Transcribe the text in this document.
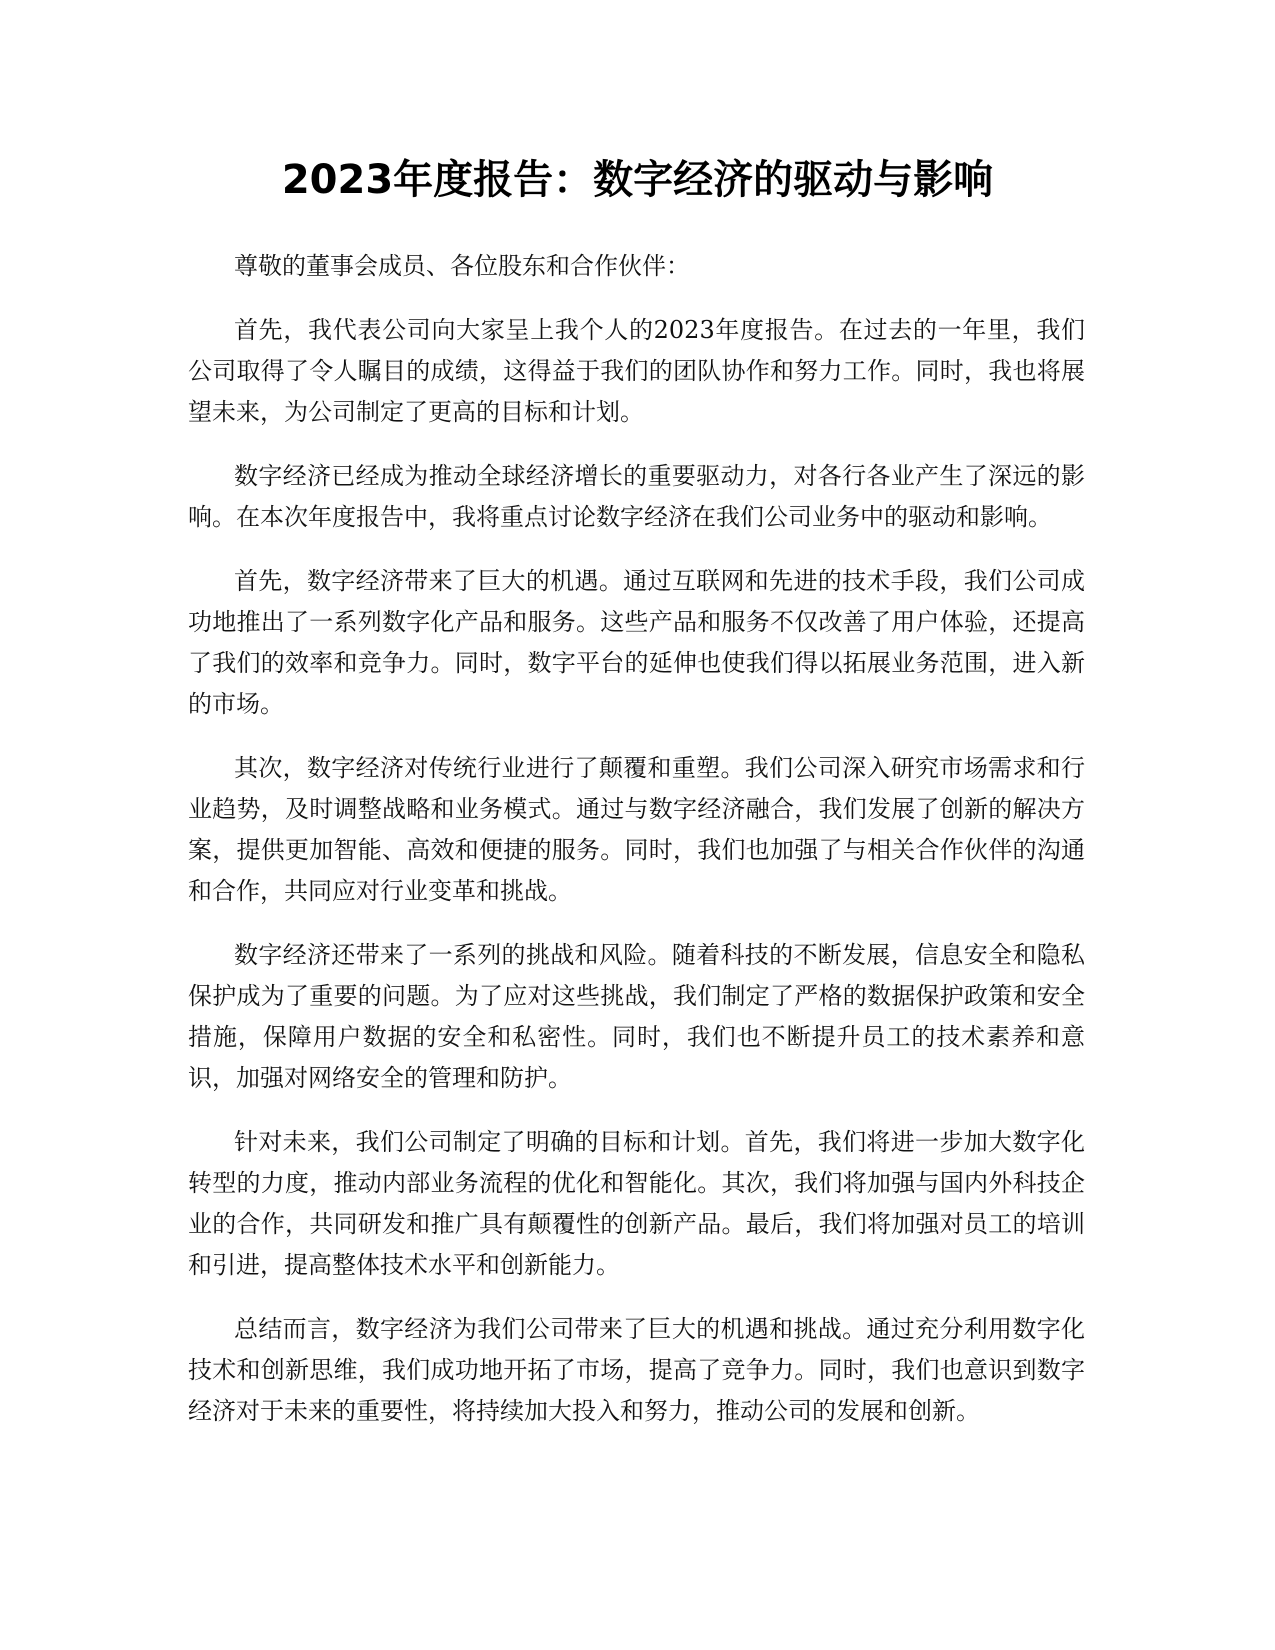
2023年度报告：数字经济的驱动与影响

尊敬的董事会成员、各位股东和合作伙伴：

首先，我代表公司向大家呈上我个人的2023年度报告。在过去的一年里，我们公司取得了令人瞩目的成绩，这得益于我们的团队协作和努力工作。同时，我也将展望未来，为公司制定了更高的目标和计划。

数字经济已经成为推动全球经济增长的重要驱动力，对各行各业产生了深远的影响。在本次年度报告中，我将重点讨论数字经济在我们公司业务中的驱动和影响。

首先，数字经济带来了巨大的机遇。通过互联网和先进的技术手段，我们公司成功地推出了一系列数字化产品和服务。这些产品和服务不仅改善了用户体验，还提高了我们的效率和竞争力。同时，数字平台的延伸也使我们得以拓展业务范围，进入新的市场。

其次，数字经济对传统行业进行了颠覆和重塑。我们公司深入研究市场需求和行业趋势，及时调整战略和业务模式。通过与数字经济融合，我们发展了创新的解决方案，提供更加智能、高效和便捷的服务。同时，我们也加强了与相关合作伙伴的沟通和合作，共同应对行业变革和挑战。

数字经济还带来了一系列的挑战和风险。随着科技的不断发展，信息安全和隐私保护成为了重要的问题。为了应对这些挑战，我们制定了严格的数据保护政策和安全措施，保障用户数据的安全和私密性。同时，我们也不断提升员工的技术素养和意识，加强对网络安全的管理和防护。

针对未来，我们公司制定了明确的目标和计划。首先，我们将进一步加大数字化转型的力度，推动内部业务流程的优化和智能化。其次，我们将加强与国内外科技企业的合作，共同研发和推广具有颠覆性的创新产品。最后，我们将加强对员工的培训和引进，提高整体技术水平和创新能力。

总结而言，数字经济为我们公司带来了巨大的机遇和挑战。通过充分利用数字化技术和创新思维，我们成功地开拓了市场，提高了竞争力。同时，我们也意识到数字经济对于未来的重要性，将持续加大投入和努力，推动公司的发展和创新。
